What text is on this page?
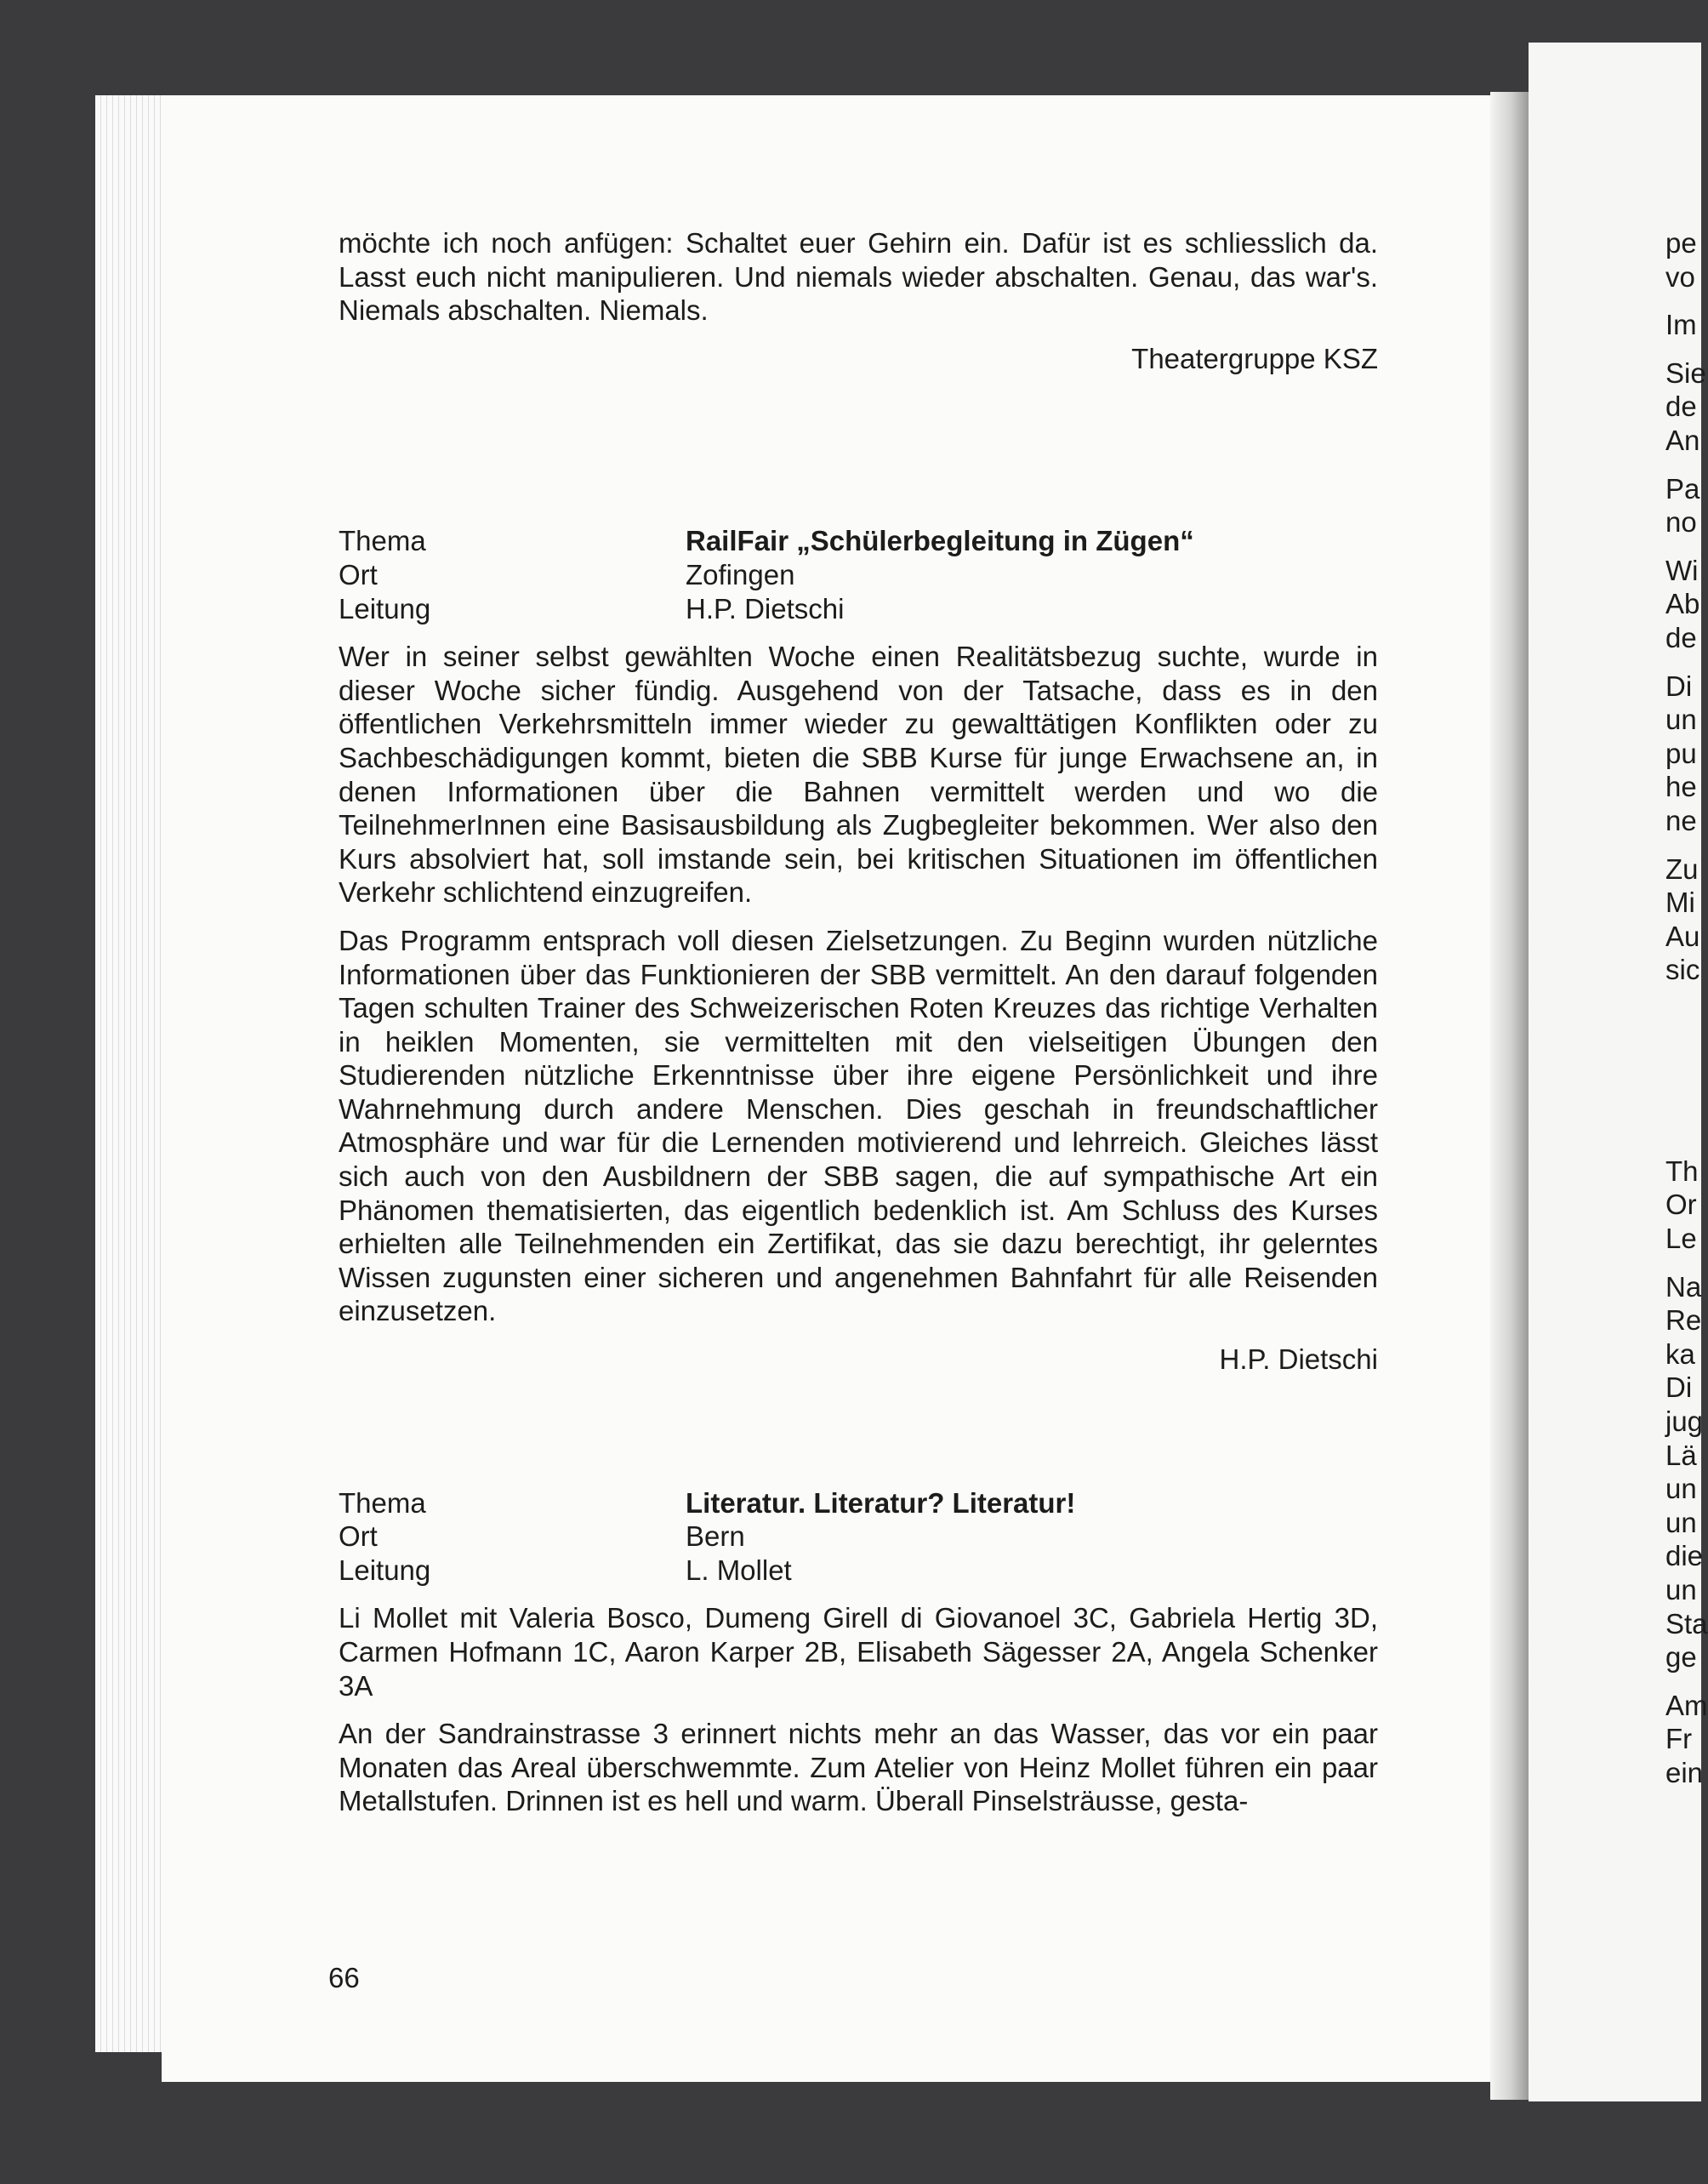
möchte ich noch anfügen: Schaltet euer Gehirn ein. Dafür ist es schliesslich da. Lasst euch nicht manipulieren. Und niemals wieder abschalten. Genau, das war's. Niemals abschalten. Niemals.

Theatergruppe KSZ

Thema	RailFair „Schülerbegleitung in Zügen“
Ort	Zofingen
Leitung	H.P. Dietschi

Wer in seiner selbst gewählten Woche einen Realitätsbezug suchte, wurde in dieser Woche sicher fündig. Ausgehend von der Tatsache, dass es in den öffentlichen Verkehrsmitteln immer wieder zu gewalttätigen Konflikten oder zu Sachbeschädigungen kommt, bieten die SBB Kurse für junge Erwachsene an, in denen Informationen über die Bahnen vermittelt werden und wo die TeilnehmerInnen eine Basisausbildung als Zugbegleiter bekommen. Wer also den Kurs absolviert hat, soll imstande sein, bei kritischen Situationen im öffentlichen Verkehr schlichtend einzugreifen.

Das Programm entsprach voll diesen Zielsetzungen. Zu Beginn wurden nützliche Informationen über das Funktionieren der SBB vermittelt. An den darauf folgenden Tagen schulten Trainer des Schweizerischen Roten Kreuzes das richtige Verhalten in heiklen Momenten, sie vermittelten mit den vielseitigen Übungen den Studierenden nützliche Erkenntnisse über ihre eigene Persönlichkeit und ihre Wahrnehmung durch andere Menschen. Dies geschah in freundschaftlicher Atmosphäre und war für die Lernenden motivierend und lehrreich. Gleiches lässt sich auch von den Ausbildnern der SBB sagen, die auf sympathische Art ein Phänomen thematisierten, das eigentlich bedenklich ist. Am Schluss des Kurses erhielten alle Teilnehmenden ein Zertifikat, das sie dazu berechtigt, ihr gelerntes Wissen zugunsten einer sicheren und angenehmen Bahnfahrt für alle Reisenden einzusetzen.

H.P. Dietschi

Thema	Literatur. Literatur? Literatur!
Ort	Bern
Leitung	L. Mollet

Li Mollet mit Valeria Bosco, Dumeng Girell di Giovanoel 3C, Gabriela Hertig 3D, Carmen Hofmann 1C, Aaron Karper 2B, Elisabeth Sägesser 2A, Angela Schenker 3A

An der Sandrainstrasse 3 erinnert nichts mehr an das Wasser, das vor ein paar Monaten das Areal überschwemmte. Zum Atelier von Heinz Mollet führen ein paar Metallstufen. Drinnen ist es hell und warm. Überall Pinselsträusse, gesta-

66
pe
vo
Im
Sie
de
An
Pa
no
Wi
Ab
de
Di
un
pu
he
ne
Zu
Mi
Au
sic
Th
Or
Le
Na
Re
ka
Di
jug
Lä
un
un
die
un
Sta
ge
Am
Fr
ein
